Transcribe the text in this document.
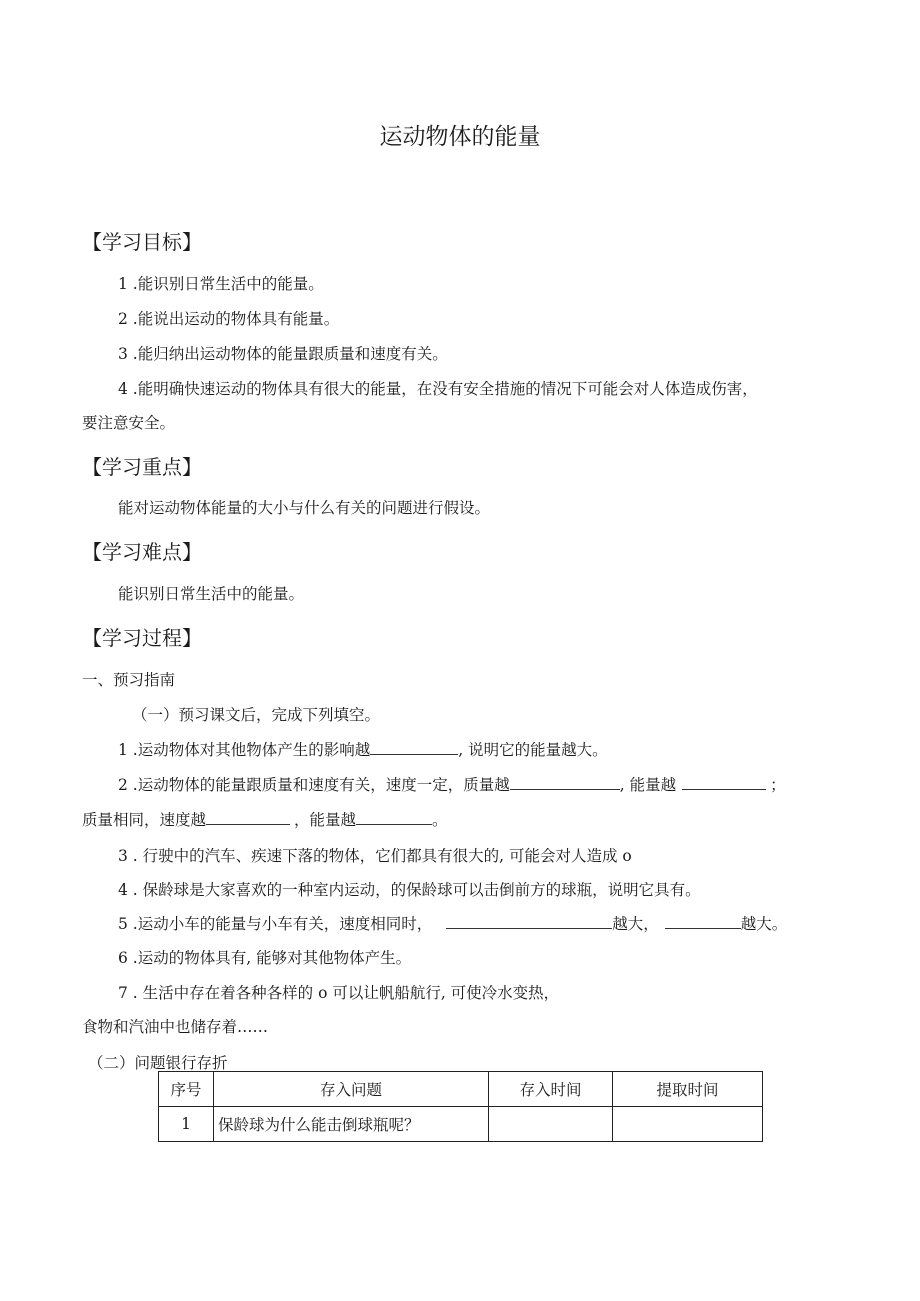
运动物体的能量
【学习目标】
1 .能识别日常生活中的能量。
2 .能说出运动的物体具有能量。
3 .能归纳出运动物体的能量跟质量和速度有关。
4 .能明确快速运动的物体具有很大的能量，在没有安全措施的情况下可能会对人体造成伤害，
要注意安全。
【学习重点】
能对运动物体能量的大小与什么有关的问题进行假设。
【学习难点】
能识别日常生活中的能量。
【学习过程】
一、预习指南
（一）预习课文后，完成下列填空。
1 .运动物体对其他物体产生的影响越	, 说明它的能量越大。
2 .运动物体的能量跟质量和速度有关，速度一定，质量越	, 能量越	；
质量相同，速度越	，能量越	。
3 . 行驶中的汽车、疾速下落的物体，它们都具有很大的, 可能会对人造成 o
4 . 保龄球是大家喜欢的一种室内运动，的保龄球可以击倒前方的球瓶，说明它具有。
5 .运动小车的能量与小车有关，速度相同时，	越大，	越大。
6 .运动的物体具有, 能够对其他物体产生。
7 . 生活中存在着各种各样的 o 可以让帆船航行, 可使冷水变热，
食物和汽油中也储存着……
（二）问题银行存折
序号	存入问题	存入时间	提取时间
1	保龄球为什么能击倒球瓶呢？		
